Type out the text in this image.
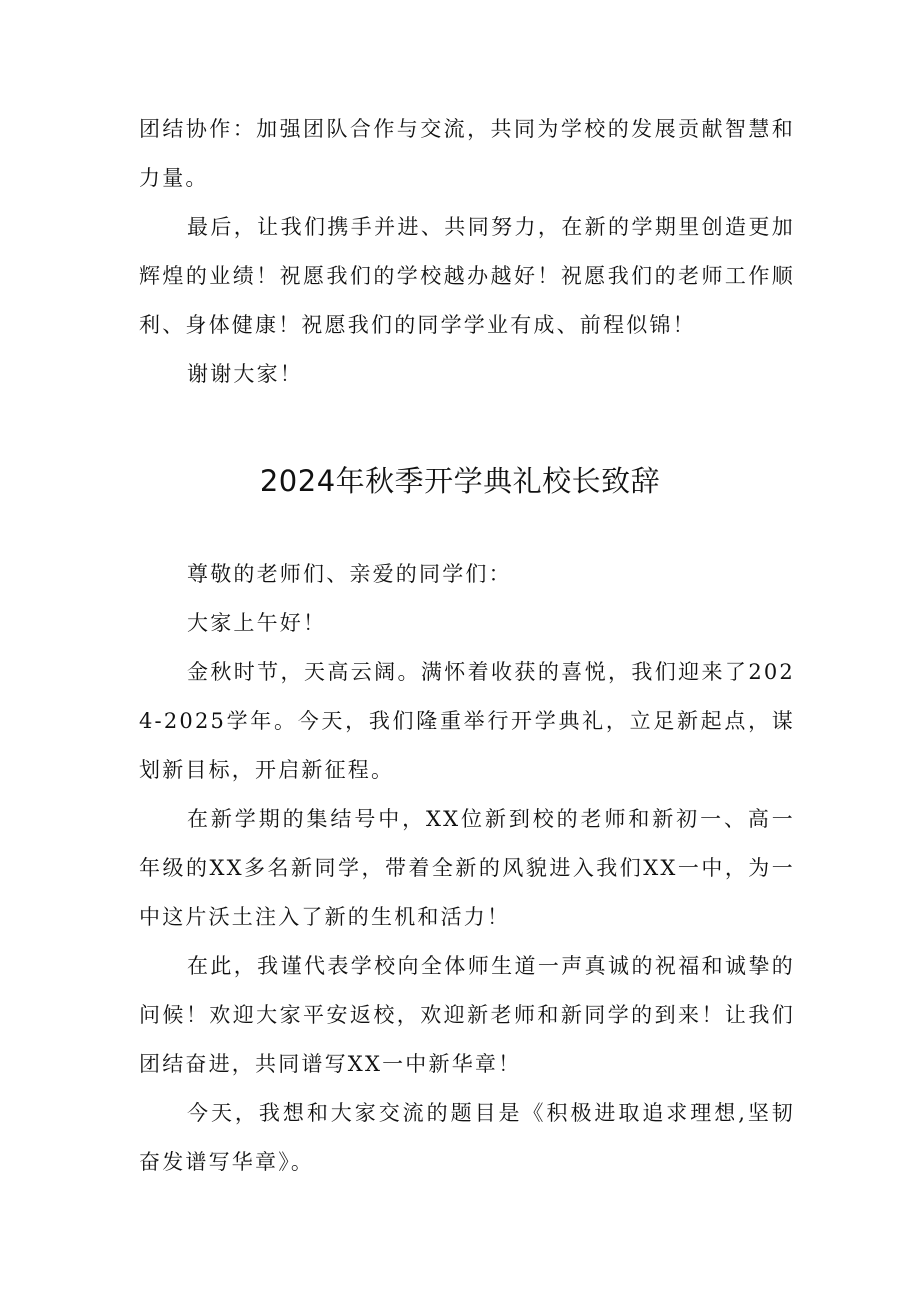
团结协作：加强团队合作与交流，共同为学校的发展贡献智慧和力量。

最后，让我们携手并进、共同努力，在新的学期里创造更加辉煌的业绩！祝愿我们的学校越办越好！祝愿我们的老师工作顺利、身体健康！祝愿我们的同学学业有成、前程似锦！

谢谢大家！

2024年秋季开学典礼校长致辞

尊敬的老师们、亲爱的同学们：

大家上午好！

金秋时节，天高云阔。满怀着收获的喜悦，我们迎来了2024-2025学年。今天，我们隆重举行开学典礼，立足新起点，谋划新目标，开启新征程。

在新学期的集结号中，XX位新到校的老师和新初一、高一年级的XX多名新同学，带着全新的风貌进入我们XX一中，为一中这片沃土注入了新的生机和活力！

在此，我谨代表学校向全体师生道一声真诚的祝福和诚挚的问候！欢迎大家平安返校，欢迎新老师和新同学的到来！让我们团结奋进，共同谱写XX一中新华章！

今天，我想和大家交流的题目是《积极进取追求理想,坚韧奋发谱写华章》。
